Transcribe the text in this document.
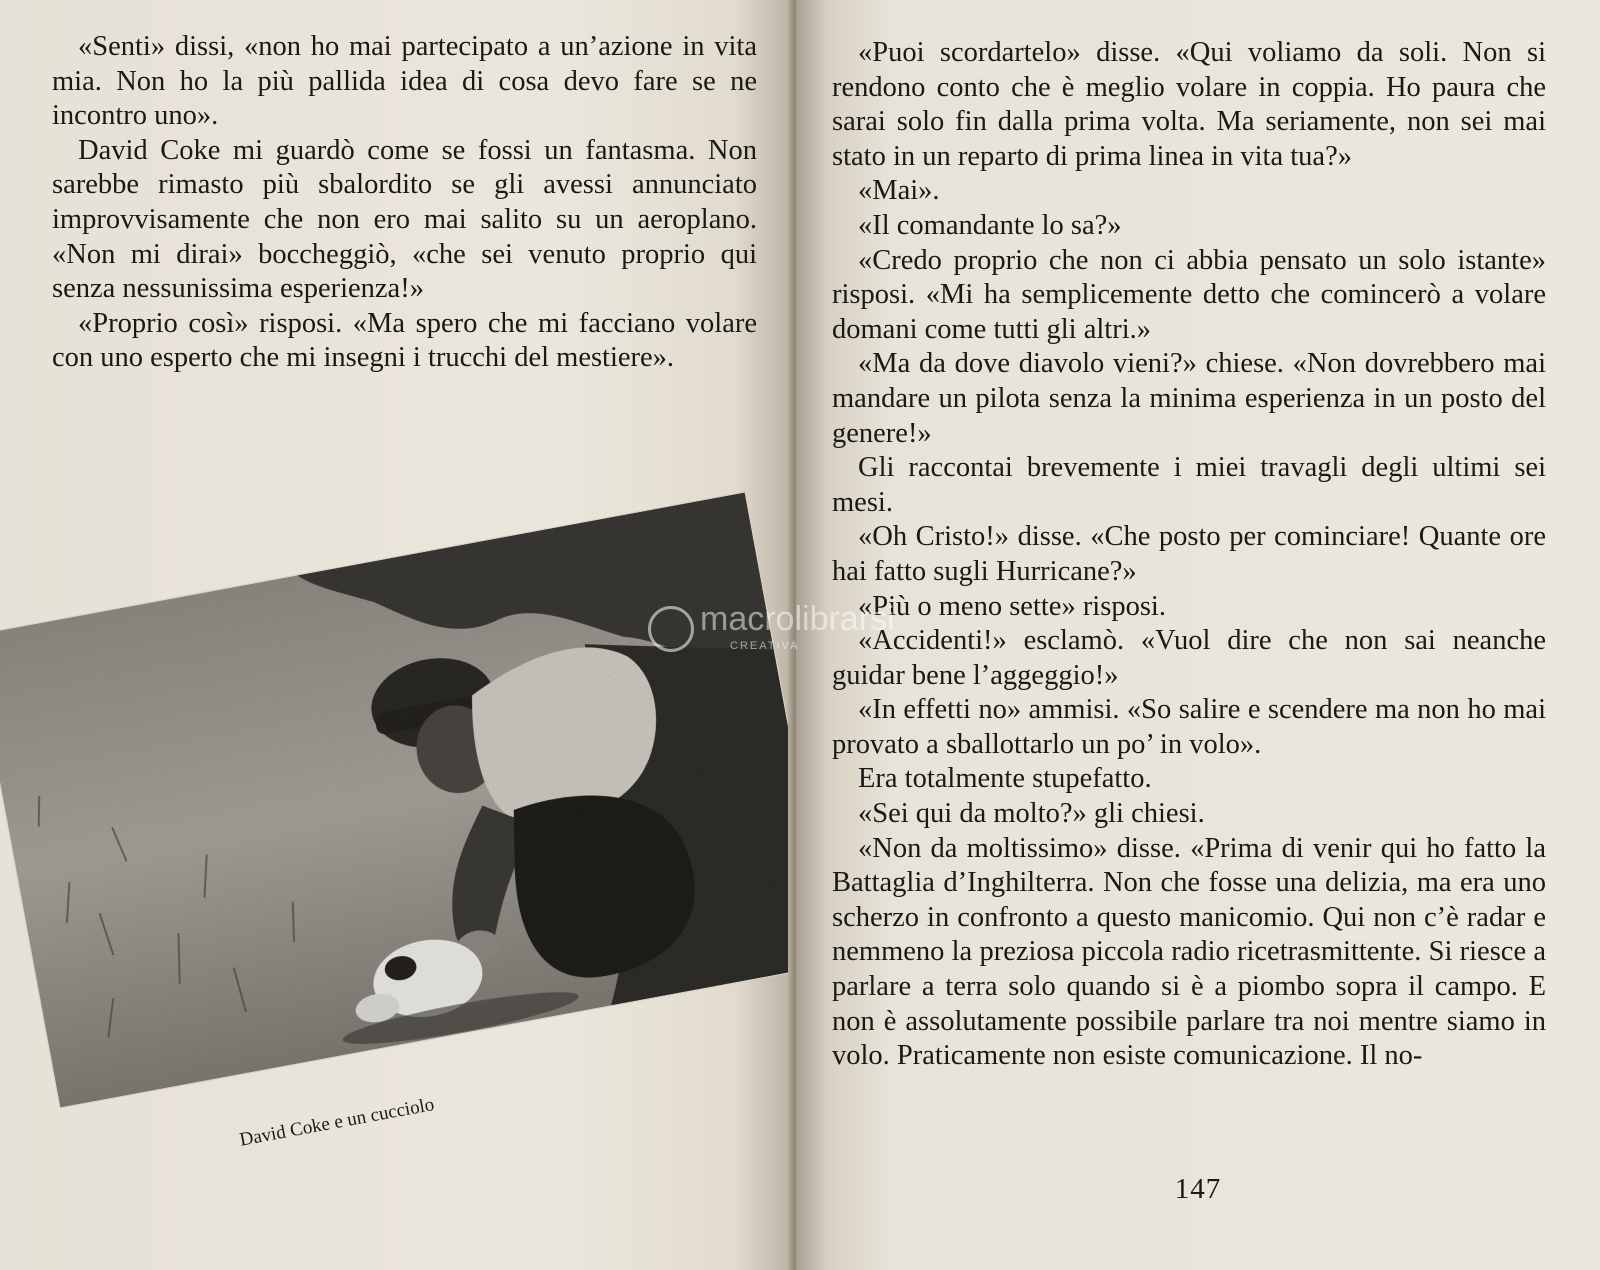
«Senti» dissi, «non ho mai partecipato a un’azione in vita mia. Non ho la più pallida idea di cosa devo fare se ne incontro uno».

David Coke mi guardò come se fossi un fantasma. Non sarebbe rimasto più sbalordito se gli avessi annunciato improvvisamente che non ero mai salito su un aeroplano. «Non mi dirai» boccheggiò, «che sei venuto proprio qui senza nessunissima esperienza!»

«Proprio così» risposi. «Ma spero che mi facciano volare con uno esperto che mi insegni i trucchi del mestiere».

David Coke e un cucciolo

«Puoi scordartelo» disse. «Qui voliamo da soli. Non si rendono conto che è meglio volare in coppia. Ho paura che sarai solo fin dalla prima volta. Ma seriamente, non sei mai stato in un reparto di prima linea in vita tua?»

«Mai».

«Il comandante lo sa?»

«Credo proprio che non ci abbia pensato un solo istante» risposi. «Mi ha semplicemente detto che comincerò a volare domani come tutti gli altri.»

«Ma da dove diavolo vieni?» chiese. «Non dovrebbero mai mandare un pilota senza la minima esperienza in un posto del genere!»

Gli raccontai brevemente i miei travagli degli ultimi sei mesi.

«Oh Cristo!» disse. «Che posto per cominciare! Quante ore hai fatto sugli Hurricane?»

«Più o meno sette» risposi.

«Accidenti!» esclamò. «Vuol dire che non sai neanche guidar bene l’aggeggio!»

«In effetti no» ammisi. «So salire e scendere ma non ho mai provato a sballottarlo un po’ in volo».

Era totalmente stupefatto.

«Sei qui da molto?» gli chiesi.

«Non da moltissimo» disse. «Prima di venir qui ho fatto la Battaglia d’Inghilterra. Non che fosse una delizia, ma era uno scherzo in confronto a questo manicomio. Qui non c’è radar e nemmeno la preziosa piccola radio ricetrasmittente. Si riesce a parlare a terra solo quando si è a piombo sopra il campo. E non è assolutamente possibile parlare tra noi mentre siamo in volo. Praticamente non esiste comunicazione. Il no-

147
macrolibrarsi
CREATIVA
